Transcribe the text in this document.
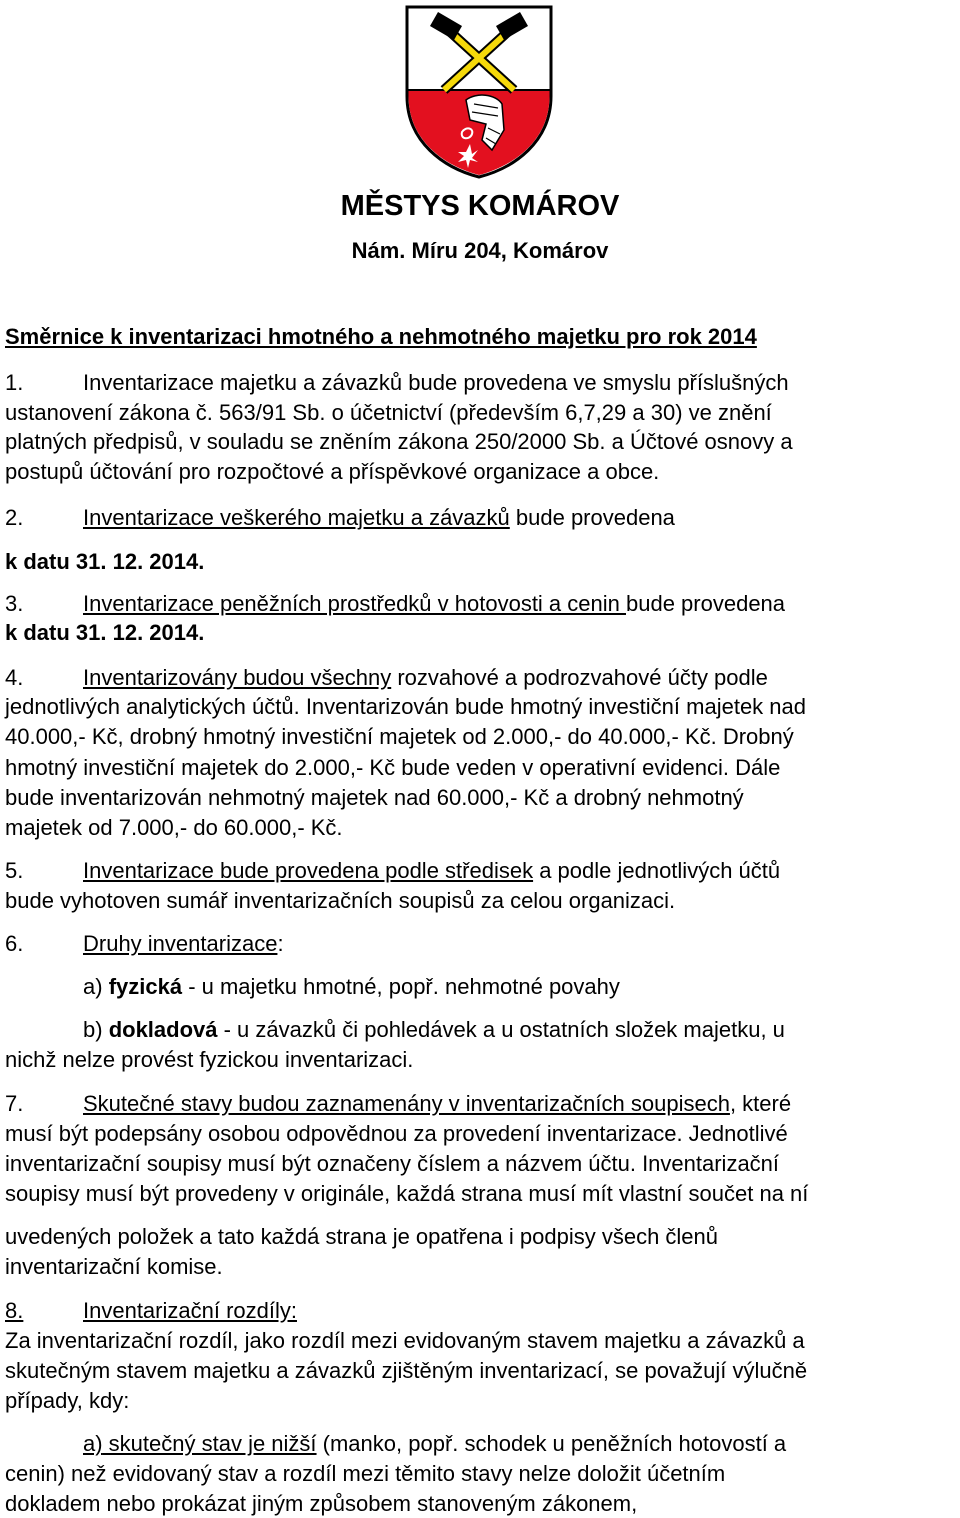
MĚSTYS KOMÁROV
Nám. Míru 204, Komárov
Směrnice k inventarizaci hmotného a nehmotného majetku pro rok 2014
1.	Inventarizace majetku a závazků bude provedena ve smyslu příslušných
ustanovení zákona č. 563/91 Sb. o účetnictví (především 6,7,29 a 30) ve znění
platných předpisů, v souladu se zněním zákona 250/2000 Sb. a Účtové osnovy a
postupů účtování pro rozpočtové a příspěvkové organizace a obce.
2.	Inventarizace veškerého majetku a závazků bude provedena
k datu 31. 12. 2014.
3.	Inventarizace peněžních prostředků v hotovosti a cenin bude provedena
k datu 31. 12. 2014.
4.	Inventarizovány budou všechny rozvahové a podrozvahové účty podle
jednotlivých analytických účtů. Inventarizován bude hmotný investiční majetek nad
40.000,- Kč, drobný hmotný investiční majetek od 2.000,- do 40.000,- Kč. Drobný
hmotný investiční majetek do 2.000,- Kč bude veden v operativní evidenci. Dále
bude inventarizován nehmotný majetek nad 60.000,- Kč a drobný nehmotný
majetek od 7.000,- do 60.000,- Kč.
5.	Inventarizace bude provedena podle středisek a podle jednotlivých účtů
bude vyhotoven sumář inventarizačních soupisů za celou organizaci.
6.	Druhy inventarizace:
a) fyzická - u majetku hmotné, popř. nehmotné povahy
b) dokladová - u závazků či pohledávek a u ostatních složek majetku, u
nichž nelze provést fyzickou inventarizaci.
7.	Skutečné stavy budou zaznamenány v inventarizačních soupisech, které
musí být podepsány osobou odpovědnou za provedení inventarizace. Jednotlivé
inventarizační soupisy musí být označeny číslem a názvem účtu. Inventarizační
soupisy musí být provedeny v originále, každá strana musí mít vlastní součet na ní
uvedených položek a tato každá strana je opatřena i podpisy všech členů
inventarizační komise.
8.	Inventarizační rozdíly:
Za inventarizační rozdíl, jako rozdíl mezi evidovaným stavem majetku a závazků a
skutečným stavem majetku a závazků zjištěným inventarizací, se považují výlučně
případy, kdy:
a) skutečný stav je nižší (manko, popř. schodek u peněžních hotovostí a
cenin) než evidovaný stav a rozdíl mezi těmito stavy nelze doložit účetním
dokladem nebo prokázat jiným způsobem stanoveným zákonem,
